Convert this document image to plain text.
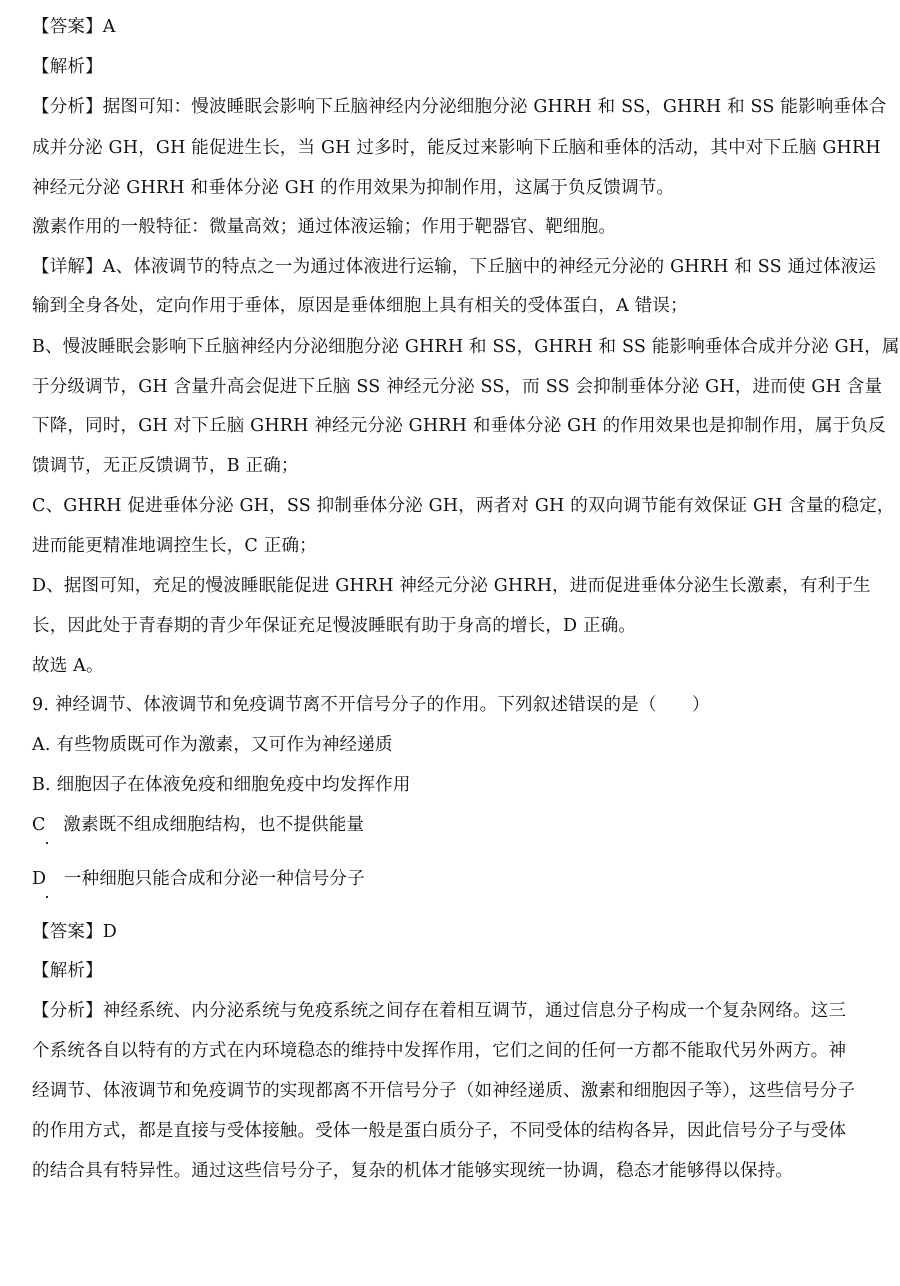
【答案】A
【解析】
【分析】据图可知：慢波睡眠会影响下丘脑神经内分泌细胞分泌 GHRH 和 SS，GHRH 和 SS 能影响垂体合
成并分泌 GH，GH 能促进生长，当 GH 过多时，能反过来影响下丘脑和垂体的活动，其中对下丘脑 GHRH
神经元分泌 GHRH 和垂体分泌 GH 的作用效果为抑制作用，这属于负反馈调节。
激素作用的一般特征：微量高效；通过体液运输；作用于靶器官、靶细胞。
【详解】A、体液调节的特点之一为通过体液进行运输，下丘脑中的神经元分泌的 GHRH 和 SS 通过体液运
输到全身各处，定向作用于垂体，原因是垂体细胞上具有相关的受体蛋白，A 错误；
B、慢波睡眠会影响下丘脑神经内分泌细胞分泌 GHRH 和 SS，GHRH 和 SS 能影响垂体合成并分泌 GH，属
于分级调节，GH 含量升高会促进下丘脑 SS 神经元分泌 SS，而 SS 会抑制垂体分泌 GH，进而使 GH 含量
下降，同时，GH 对下丘脑 GHRH 神经元分泌 GHRH 和垂体分泌 GH 的作用效果也是抑制作用，属于负反
馈调节，无正反馈调节，B 正确；
C、GHRH 促进垂体分泌 GH，SS 抑制垂体分泌 GH，两者对 GH 的双向调节能有效保证 GH 含量的稳定，
进而能更精准地调控生长，C 正确；
D、据图可知，充足的慢波睡眠能促进 GHRH 神经元分泌 GHRH，进而促进垂体分泌生长激素，有利于生
长，因此处于青春期的青少年保证充足慢波睡眠有助于身高的增长，D 正确。
故选 A。
9. 神经调节、体液调节和免疫调节离不开信号分子的作用。下列叙述错误的是（　　）
A. 有些物质既可作为激素，又可作为神经递质
B. 细胞因子在体液免疫和细胞免疫中均发挥作用
C　激素既不组成细胞结构，也不提供能量
D　一种细胞只能合成和分泌一种信号分子
【答案】D
【解析】
【分析】神经系统、内分泌系统与免疫系统之间存在着相互调节，通过信息分子构成一个复杂网络。这三
个系统各自以特有的方式在内环境稳态的维持中发挥作用，它们之间的任何一方都不能取代另外两方。神
经调节、体液调节和免疫调节的实现都离不开信号分子（如神经递质、激素和细胞因子等），这些信号分子
的作用方式，都是直接与受体接触。受体一般是蛋白质分子，不同受体的结构各异，因此信号分子与受体
的结合具有特异性。通过这些信号分子，复杂的机体才能够实现统一协调，稳态才能够得以保持。
